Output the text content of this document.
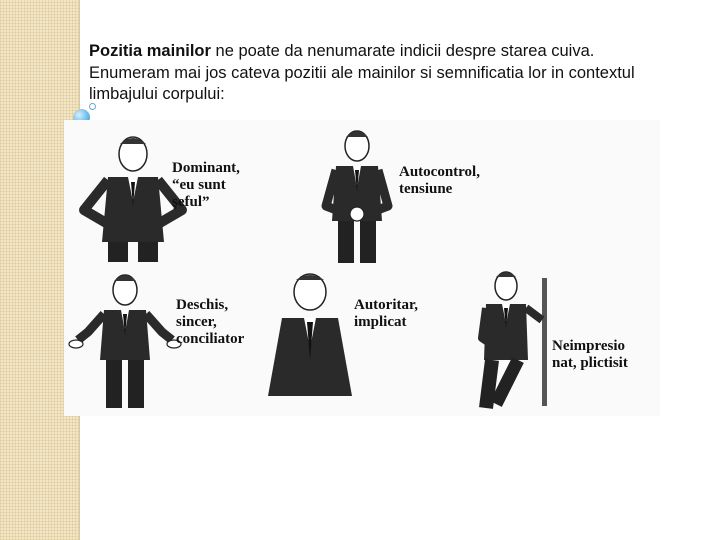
Pozitia mainilor ne poate da nenumarate indicii despre starea cuiva. Enumeram mai jos cateva pozitii ale mainilor si semnificatia lor in contextul limbajului corpului:
Dominant,
“eu sunt
şeful”
Autocontrol,
tensiune
Deschis,
sincer,
conciliator
Autoritar,
implicat
Neimpresio
nat, plictisit
